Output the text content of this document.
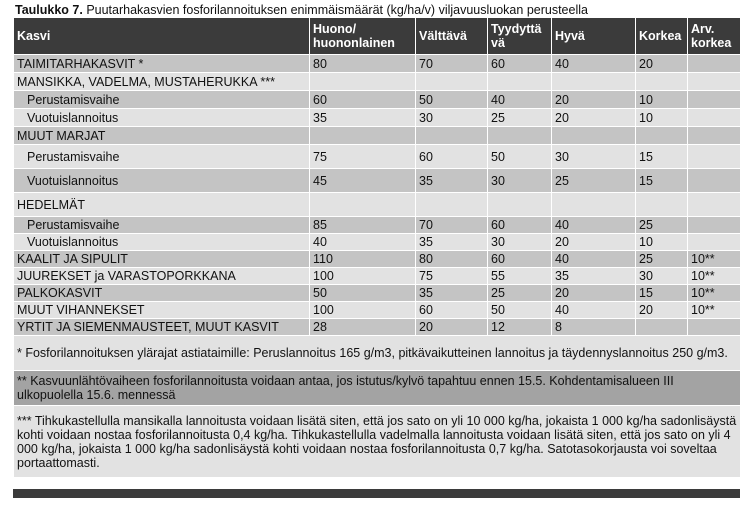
Taulukko 7. Puutarhakasvien fosforilannoituksen enimmäismäärät (kg/ha/v) viljavuusluokan perusteella
Kasvi	Huono/ huononlainen	Välttävä	Tyydyttä vä	Hyvä	Korkea	Arv. korkea
TAIMITARHAKASVIT *	80	70	60	40	20	
MANSIKKA, VADELMA, MUSTAHERUKKA ***						
Perustamisvaihe	60	50	40	20	10	
Vuotuislannoitus	35	30	25	20	10	
MUUT MARJAT						
Perustamisvaihe	75	60	50	30	15	
Vuotuislannoitus	45	35	30	25	15	
HEDELMÄT						
Perustamisvaihe	85	70	60	40	25	
Vuotuislannoitus	40	35	30	20	10	
KAALIT JA SIPULIT	110	80	60	40	25	10**
JUUREKSET ja VARASTOPORKKANA	100	75	55	35	30	10**
PALKOKASVIT	50	35	25	20	15	10**
MUUT VIHANNEKSET	100	60	50	40	20	10**
YRTIT JA SIEMENMAUSTEET, MUUT KASVIT	28	20	12	8		
* Fosforilannoituksen ylärajat astiataimille: Peruslannoitus 165 g/m3, pitkävaikutteinen lannoitus ja täydennyslannoitus 250 g/m3.						
** Kasvuunlähtövaiheen fosforilannoitusta voidaan antaa, jos istutus/kylvö tapahtuu ennen 15.5. Kohdentamisalueen III ulkopuolella 15.6. mennessä						
*** Tihkukastellulla mansikalla lannoitusta voidaan lisätä siten, että jos sato on yli 10 000 kg/ha, jokaista 1 000 kg/ha sadonlisäystä kohti voidaan nostaa fosforilannoitusta 0,4 kg/ha. Tihkukastellulla vadelmalla lannoitusta voidaan lisätä siten, että jos sato on yli 4 000 kg/ha, jokaista 1 000 kg/ha sadonlisäystä kohti voidaan nostaa fosforilannoitusta 0,7 kg/ha. Satotasokorjausta voi soveltaa portaattomasti.						
